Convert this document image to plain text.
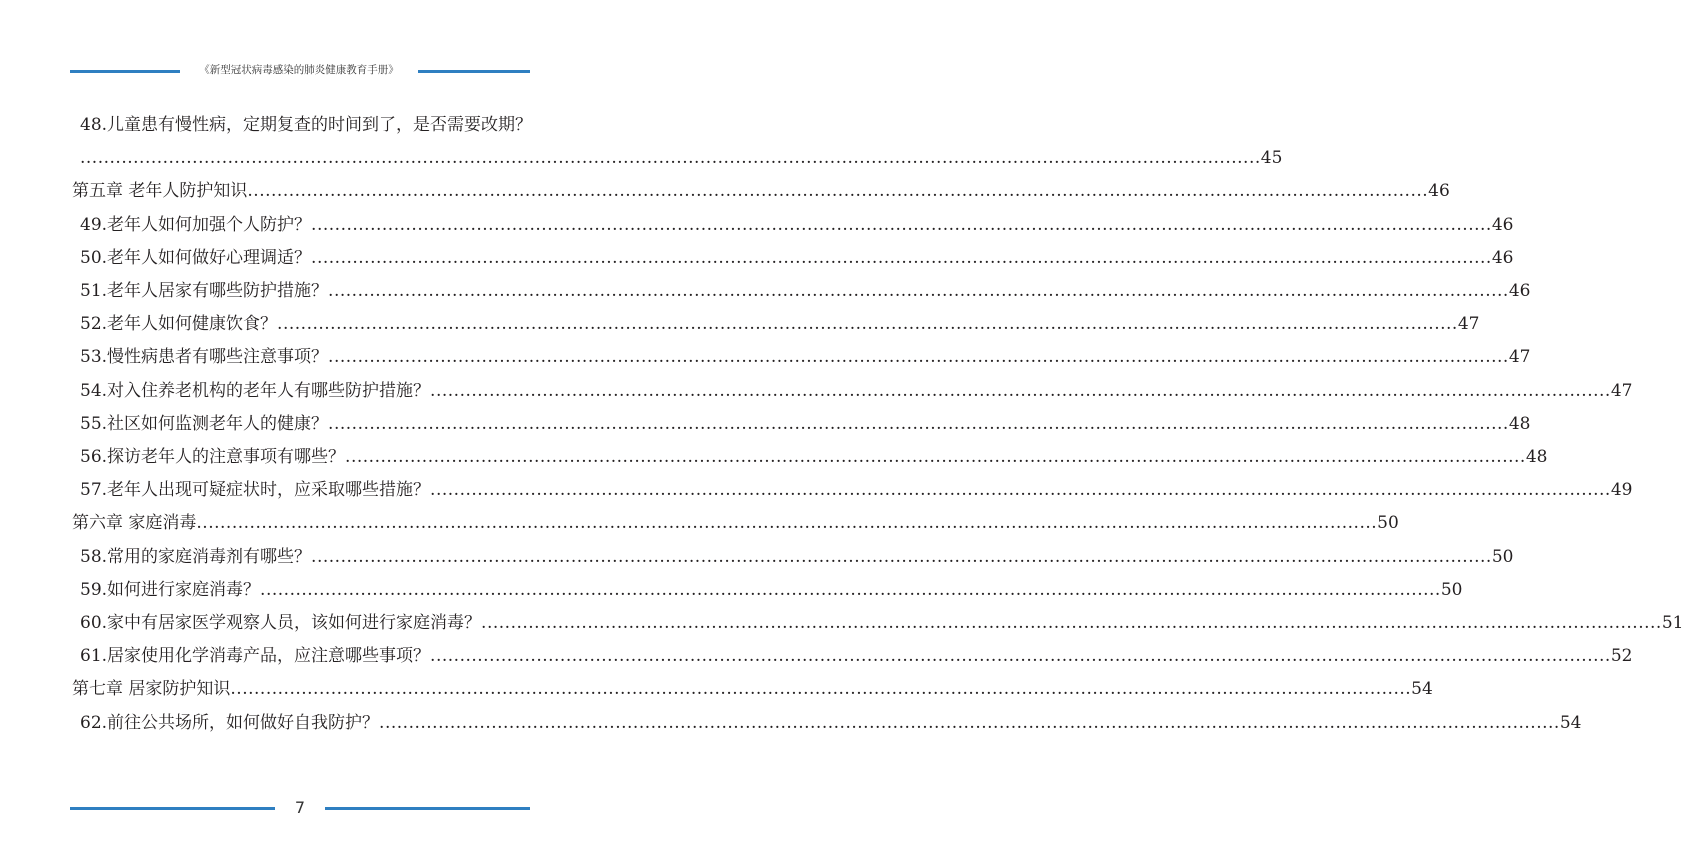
《新型冠状病毒感染的肺炎健康教育手册》
48.儿童患有慢性病，定期复查的时间到了，是否需要改期？
........................................................................................................................................................................................................ 45
第五章 老年人防护知识 ........................................................................................................................................................................................................ 46
49.老年人如何加强个人防护？ ........................................................................................................................................................................................................ 46
50.老年人如何做好心理调适？ ........................................................................................................................................................................................................ 46
51.老年人居家有哪些防护措施？ ........................................................................................................................................................................................................ 46
52.老年人如何健康饮食？ ........................................................................................................................................................................................................ 47
53.慢性病患者有哪些注意事项？ ........................................................................................................................................................................................................ 47
54.对入住养老机构的老年人有哪些防护措施？ ........................................................................................................................................................................................................ 47
55.社区如何监测老年人的健康？ ........................................................................................................................................................................................................ 48
56.探访老年人的注意事项有哪些？ ........................................................................................................................................................................................................ 48
57.老年人出现可疑症状时，应采取哪些措施？ ........................................................................................................................................................................................................ 49
第六章 家庭消毒 ........................................................................................................................................................................................................ 50
58.常用的家庭消毒剂有哪些？ ........................................................................................................................................................................................................ 50
59.如何进行家庭消毒？ ........................................................................................................................................................................................................ 50
60.家中有居家医学观察人员，该如何进行家庭消毒？ ........................................................................................................................................................................................................ 51
61.居家使用化学消毒产品，应注意哪些事项？ ........................................................................................................................................................................................................ 52
第七章 居家防护知识 ........................................................................................................................................................................................................ 54
62.前往公共场所，如何做好自我防护？ ........................................................................................................................................................................................................ 54
7
